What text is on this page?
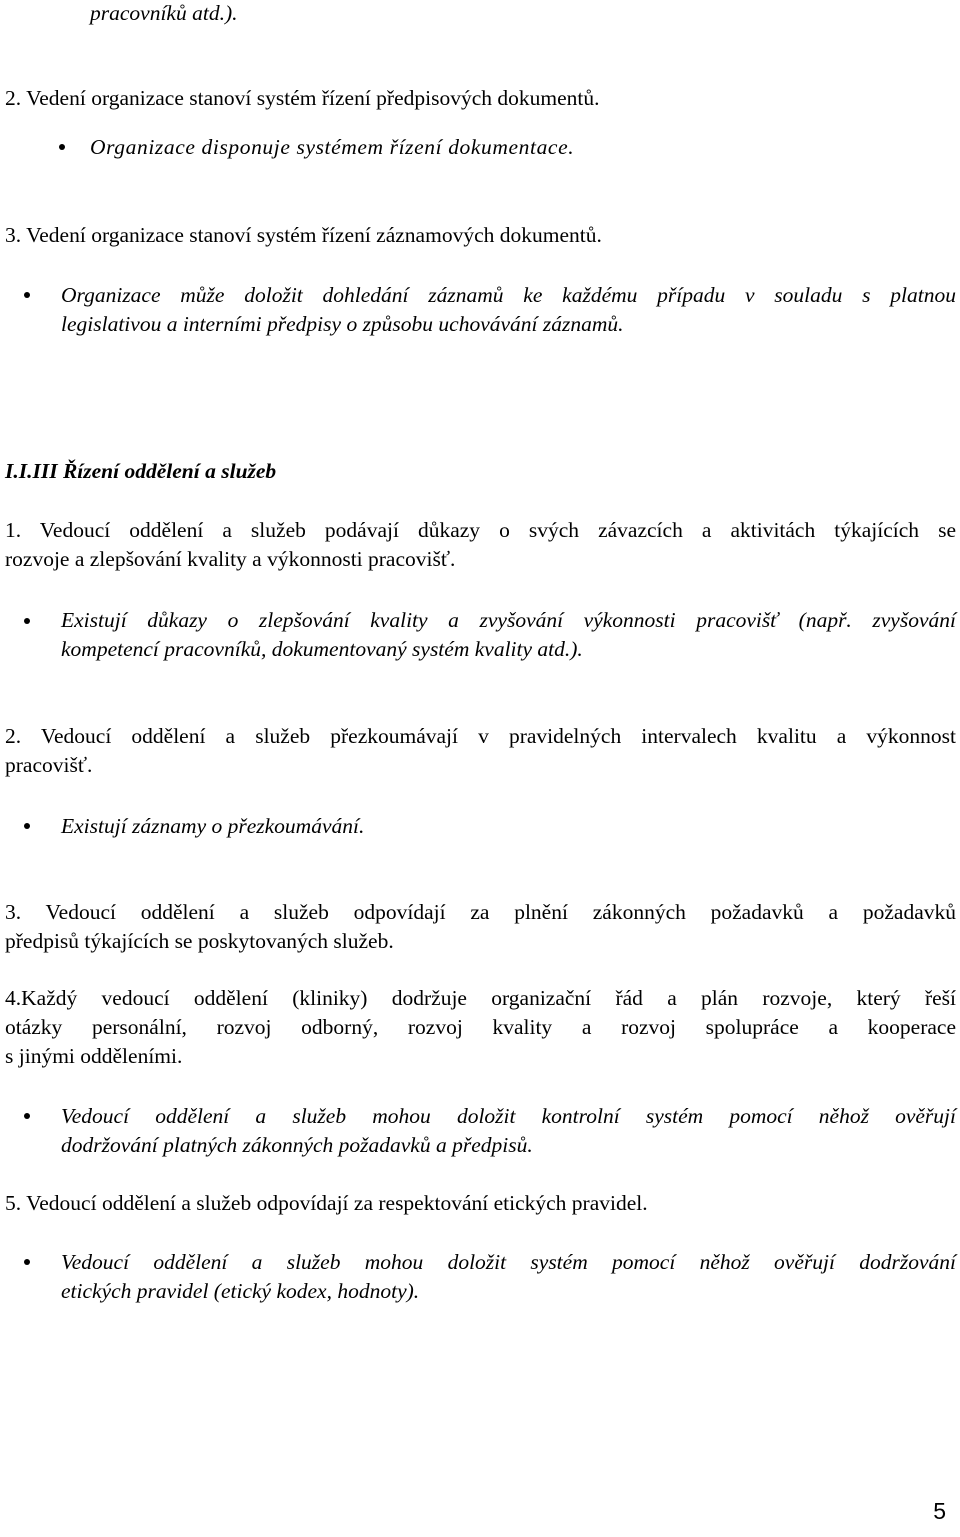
pracovníků atd.).
2. Vedení organizace stanoví systém řízení předpisových dokumentů.
Organizace disponuje systémem řízení dokumentace.
3. Vedení organizace stanoví systém řízení záznamových dokumentů.
Organizace může doložit dohledání záznamů ke každému případu v souladu s platnou
legislativou a interními předpisy o způsobu uchovávání záznamů.
I.I.III Řízení oddělení a služeb
1. Vedoucí oddělení a služeb podávají důkazy o svých závazcích a aktivitách týkajících se
rozvoje a zlepšování kvality a výkonnosti pracovišť.
Existují důkazy o zlepšování kvality a zvyšování výkonnosti pracovišť (např. zvyšování
kompetencí pracovníků, dokumentovaný systém kvality atd.).
2. Vedoucí oddělení a služeb přezkoumávají v pravidelných intervalech kvalitu a výkonnost
pracovišť.
Existují záznamy o přezkoumávání.
3. Vedoucí oddělení a služeb odpovídají za plnění zákonných požadavků a požadavků
předpisů týkajících se poskytovaných služeb.
4.Každý vedoucí oddělení (kliniky) dodržuje organizační řád a plán rozvoje, který řeší
otázky personální, rozvoj odborný, rozvoj kvality a rozvoj spolupráce a kooperace
s jinými odděleními.
Vedoucí oddělení a služeb mohou doložit kontrolní systém pomocí něhož ověřují
dodržování platných zákonných požadavků a předpisů.
5. Vedoucí oddělení a služeb odpovídají za respektování etických pravidel.
Vedoucí oddělení a služeb mohou doložit systém pomocí něhož ověřují dodržování
etických pravidel (etický kodex, hodnoty).
5
